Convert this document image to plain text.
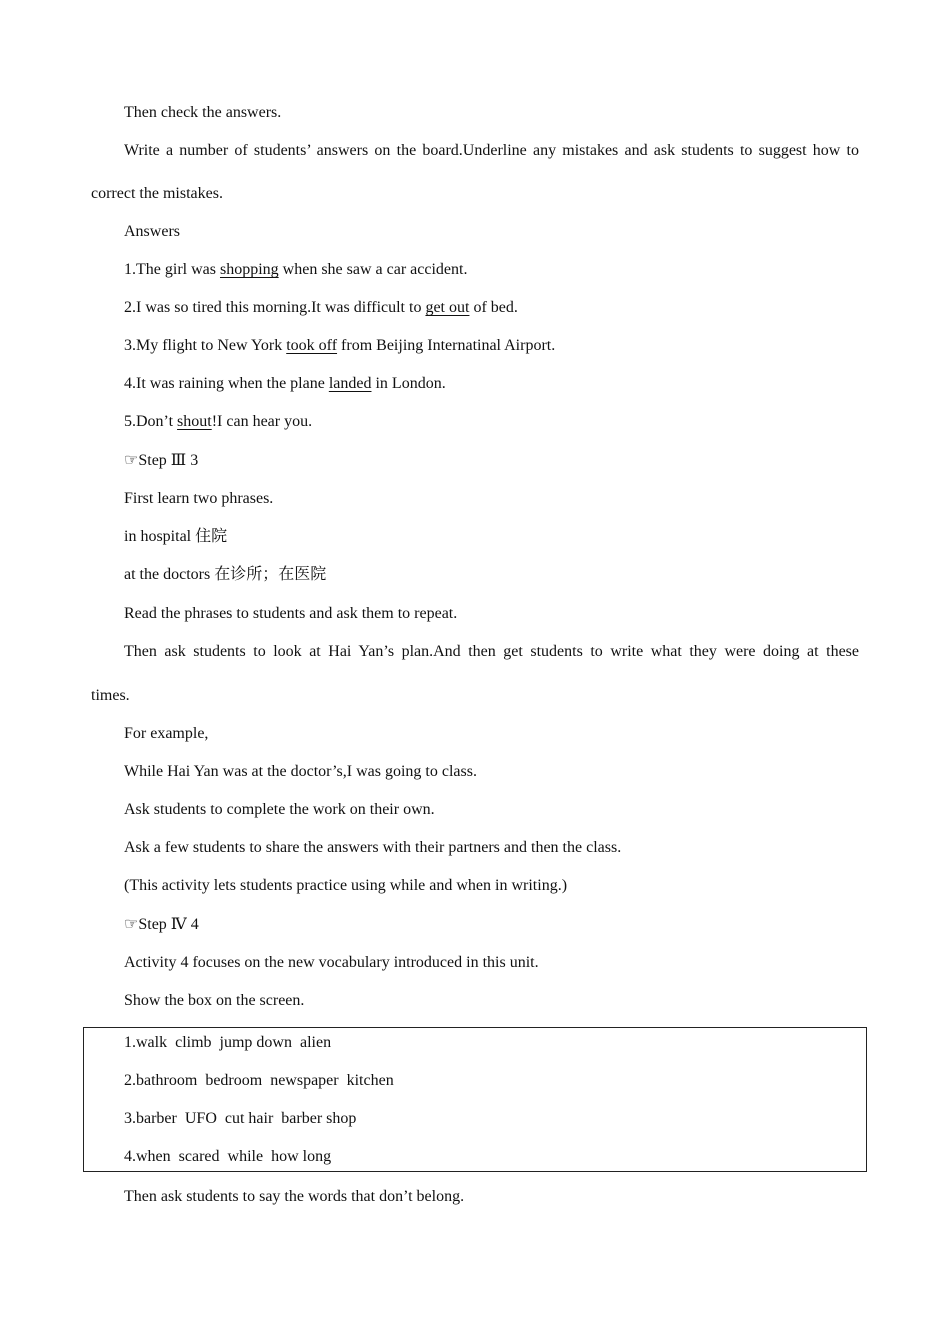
Then check the answers.
Write a number of students’ answers on the board.Underline any mistakes and ask students to suggest how to
correct the mistakes.
Answers
1.The girl was shopping when she saw a car accident.
2.I was so tired this morning.It was difficult to get out of bed.
3.My flight to New York took off from Beijing Internatinal Airport.
4.It was raining when the plane landed in London.
5.Don’t shout!I can hear you.
☞Step Ⅲ 3
First learn two phrases.
in hospital 住院
at the doctors 在诊所；在医院
Read the phrases to students and ask them to repeat.
Then ask students to look at Hai Yan’s plan.And then get students to write what they were doing at these
times.
For example,
While Hai Yan was at the doctor’s,I was going to class.
Ask students to complete the work on their own.
Ask a few students to share the answers with their partners and then the class.
(This activity lets students practice using while and when in writing.)
☞Step Ⅳ 4
Activity 4 focuses on the new vocabulary introduced in this unit.
Show the box on the screen.
1.walk  climb  jump down  alien
2.bathroom  bedroom  newspaper  kitchen
3.barber  UFO  cut hair  barber shop
4.when  scared  while  how long
Then ask students to say the words that don’t belong.
